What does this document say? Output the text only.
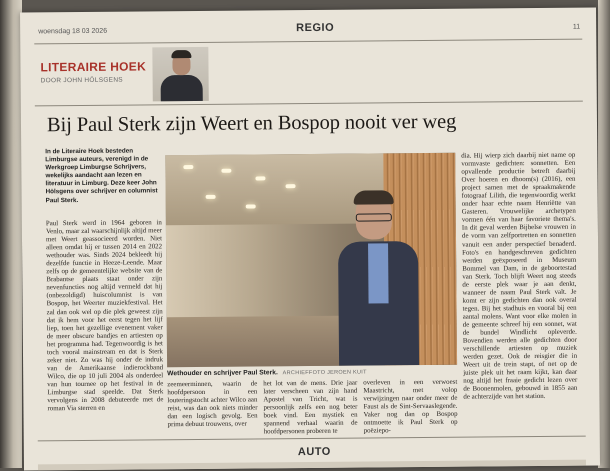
woensdag 18 03 2026	REGIO	11
LITERAIRE HOEK
DOOR JOHN HÖLSGENS
Bij Paul Sterk zijn Weert en Bospop nooit ver weg
In de Literaire Hoek besteden Limburgse auteurs, verenigd in de Werkgroep Limburgse Schrijvers, wekelijks aandacht aan lezen en literatuur in Limburg. Deze keer John Hölsgens over schrijver en columnist Paul Sterk.
Paul Sterk werd in 1964 geboren in Venlo, maar zal waarschijnlijk altijd meer met Weert geassocieerd worden. Niet alleen omdat hij er tussen 2014 en 2022 wethouder was. Sinds 2024 bekleedt hij dezelfde functie in Heeze-Leende. Maar zelfs op de gemeentelijke website van de Brabantse plaats staat onder zijn nevenfuncties nog altijd vermeld dat hij (onbezoldigd) huiscolumnist is van Bospop, het Weerter muziekfestival. Het zal dan ook wel op die plek geweest zijn dat ik hem voor het eerst tegen het lijf liep, toen het gezellige evenement vaker de meer obscure bandjes en artiesten op het programma had. Tegenwoordig is het toch vooral mainstream en dat is Sterk zeker niet. Zo was hij onder de indruk van de Amerikaanse indierockband Wilco, die op 10 juli 2004 als onderdeel van hun tournee op het festival in de Limburgse stad speelde. Dat Sterk vervolgens in 2008 debuteerde met de roman Via sterren en
Wethouder en schrijver Paul Sterk. ARCHIEFFOTO JEROEN KUIT
zeemeerminnen, waarin de hoofdpersoon in een louteringstocht achter Wilco aan reist, was dan ook niets minder dan een logisch gevolg. Een prima debuut trouwens, over
het lot van de mens. Drie jaar later verscheen van zijn hand Apostel van Tricht, wat is persoonlijk zelfs een nog beter boek vind. Een mystiek en spannend verhaal waarin de hoofdpersonen proberen te
overleven in een verwoest Maastricht, met volop verwijzingen naar onder meer de Faust als de Sint-Servaaslegende. Vaker nog dan op Bospop ontmoette ik Paul Sterk op poëziepo-
dia. Hij wierp zich daarbij niet name op vormvaste gedichten: sonnetten. Een opvallende productie betreft daarbij Over hoeren en dhoom(s) (2016), een project samen met de spraakmakende fotograaf Lilith, die tegenwoordig werkt onder haar echte naam Henriëtte van Gasteren. Vrouwelijke archetypen vormen één van haar favoriete thema's. In dit geval werden Bijbelse vrouwen in de vorm van zelfportretten en sonnetten vanuit een ander perspectief benaderd. Foto's en handgeschreven gedichten werden geëxposeerd in Museum Bommel van Dam, in de geboortestad van Sterk. Toch blijft Weert nog steeds de eerste plek waar je aan denkt, wanneer de naam Paul Sterk valt. Je komt er zijn gedichten dan ook overal tegen. Bij het stadhuis en vooral bij een aantal molens. Want voor elke molen in de gemeente schreef hij een sonnet, wat de bundel Windlicht opleverde. Bovendien werden alle gedichten door verschillende artiesten op muziek werden gezet. Ook de reisgier die in Weert uit de trein stapt, of net op de juiste plek uit het raam kijkt, kan daar nog altijd het fraaie gedicht lezen over de Boonenmolen, gebouwd in 1855 aan de achterzijde van het station.
AUTO
